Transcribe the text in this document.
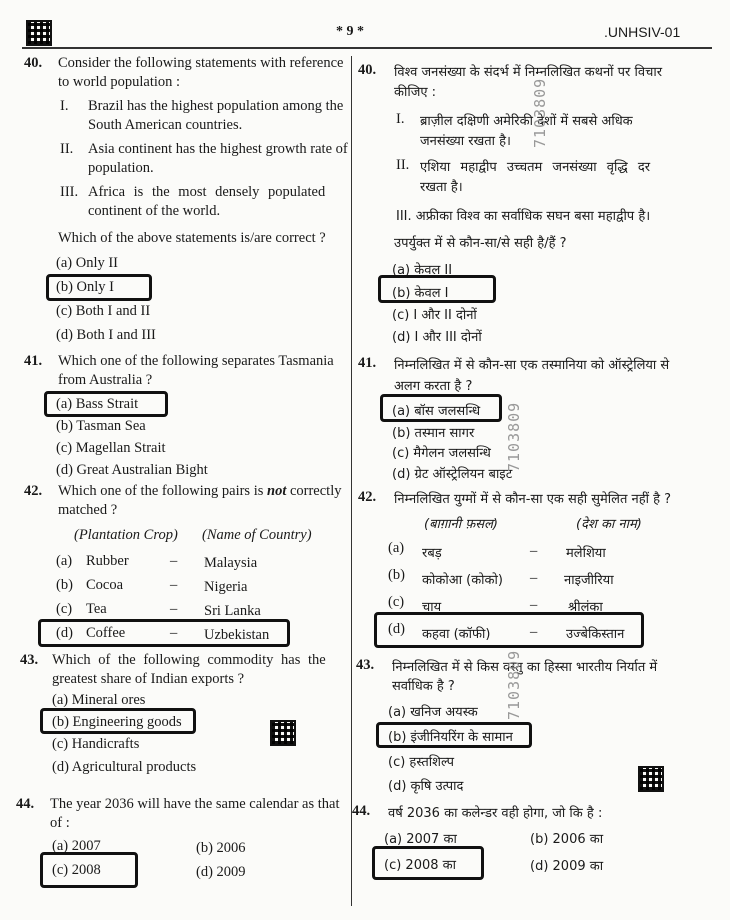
* 9 *	.UNHSIV-01
40. Consider the following statements with reference
to world population :
I. Brazil has the highest population among the
South American countries.
II. Asia continent has the highest growth rate of
population.
III. Africa is the most densely populated
continent of the world.
Which of the above statements is/are correct ?
(a) Only II
(b) Only I
(c) Both I and II
(d) Both I and III
41. Which one of the following separates Tasmania
from Australia ?
(a) Bass Strait
(b) Tasman Sea
(c) Magellan Strait
(d) Great Australian Bight
42. Which one of the following pairs is not correctly
matched ?
(Plantation Crop) (Name of Country)
(a) Rubber	– Malaysia
(b) Cocoa	– Nigeria
(c) Tea	– Sri Lanka
(d) Coffee	– Uzbekistan
43. Which of the following commodity has the
greatest share of Indian exports ?
(a) Mineral ores
(b) Engineering goods
(c) Handicrafts
(d) Agricultural products
44. The year 2036 will have the same calendar as that
of :
(a) 2007	(b) 2006
(c) 2008	(d) 2009
40. विश्व जनसंख्या के संदर्भ में निम्नलिखित कथनों पर विचार
कीजिए :
I. ब्राज़ील दक्षिणी अमेरिकी देशों में सबसे अधिक
जनसंख्या रखता है।
II. एशिया महाद्वीप उच्चतम जनसंख्या वृद्धि दर
रखता है।
III. अफ्रीका विश्व का सर्वाधिक सघन बसा महाद्वीप है।
उपर्युक्त में से कौन-सा/से सही है/हैं ?
(a) केवल II
(b) केवल I
(c) I और II दोनों
(d) I और III दोनों
41. निम्नलिखित में से कौन-सा एक तस्मानिया को ऑस्ट्रेलिया से
अलग करता है ?
(a) बॉस जलसन्धि
(b) तस्मान सागर
(c) मैगेलन जलसन्धि
(d) ग्रेट ऑस्ट्रेलियन बाइट
42. निम्नलिखित युग्मों में से कौन-सा एक सही सुमेलित नहीं है ?
(बाग़ानी फ़सल)	(देश का नाम)
(a) रबड़	– मलेशिया
(b) कोकोआ (कोको) – नाइजीरिया
(c) चाय	– श्रीलंका
(d) कहवा (कॉफी)	– उज्बेकिस्तान
43. निम्नलिखित में से किस वस्तु का हिस्सा भारतीय निर्यात में
सर्वाधिक है ?
(a) खनिज अयस्क
(b) इंजीनियरिंग के सामान
(c) हस्तशिल्प
(d) कृषि उत्पाद
44. वर्ष 2036 का कलेन्डर वही होगा, जो कि है :
(a) 2007 का	(b) 2006 का
(c) 2008 का	(d) 2009 का
7103809
7103809
7103809
